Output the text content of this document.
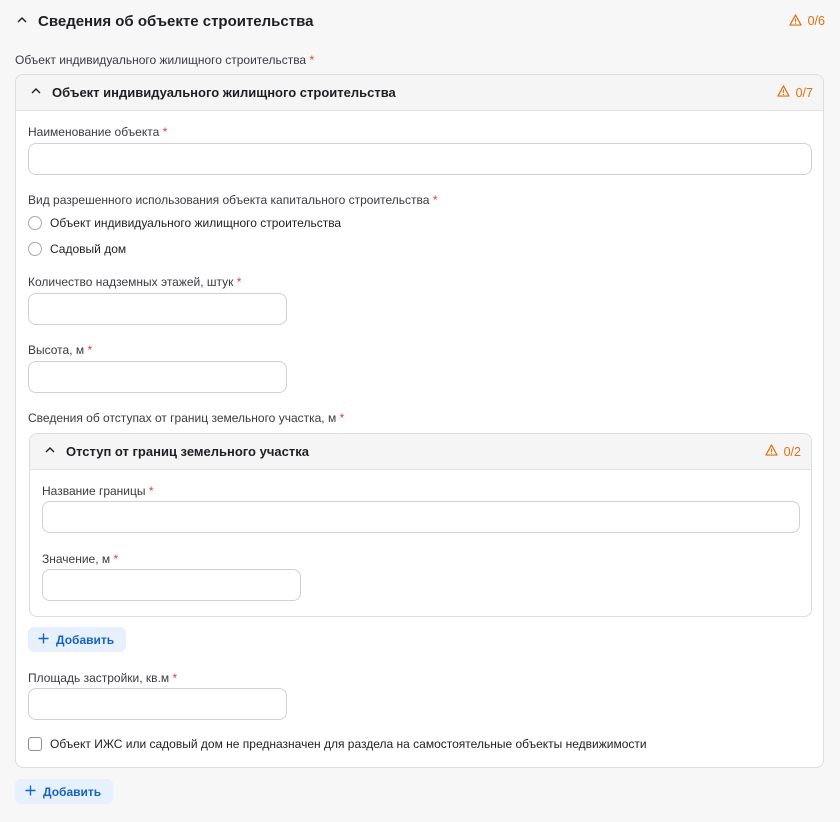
Сведения об объекте строительства	0/6
Объект индивидуального жилищного строительства *
Объект индивидуального жилищного строительства	0/7
Наименование объекта *
Вид разрешенного использования объекта капитального строительства *
Объект индивидуального жилищного строительства
Садовый дом
Количество надземных этажей, штук *
Высота, м *
Сведения об отступах от границ земельного участка, м *
Отступ от границ земельного участка	0/2
Название границы *
Значение, м *
Добавить
Площадь застройки, кв.м *
Объект ИЖС или садовый дом не предназначен для раздела на самостоятельные объекты недвижимости
Добавить
